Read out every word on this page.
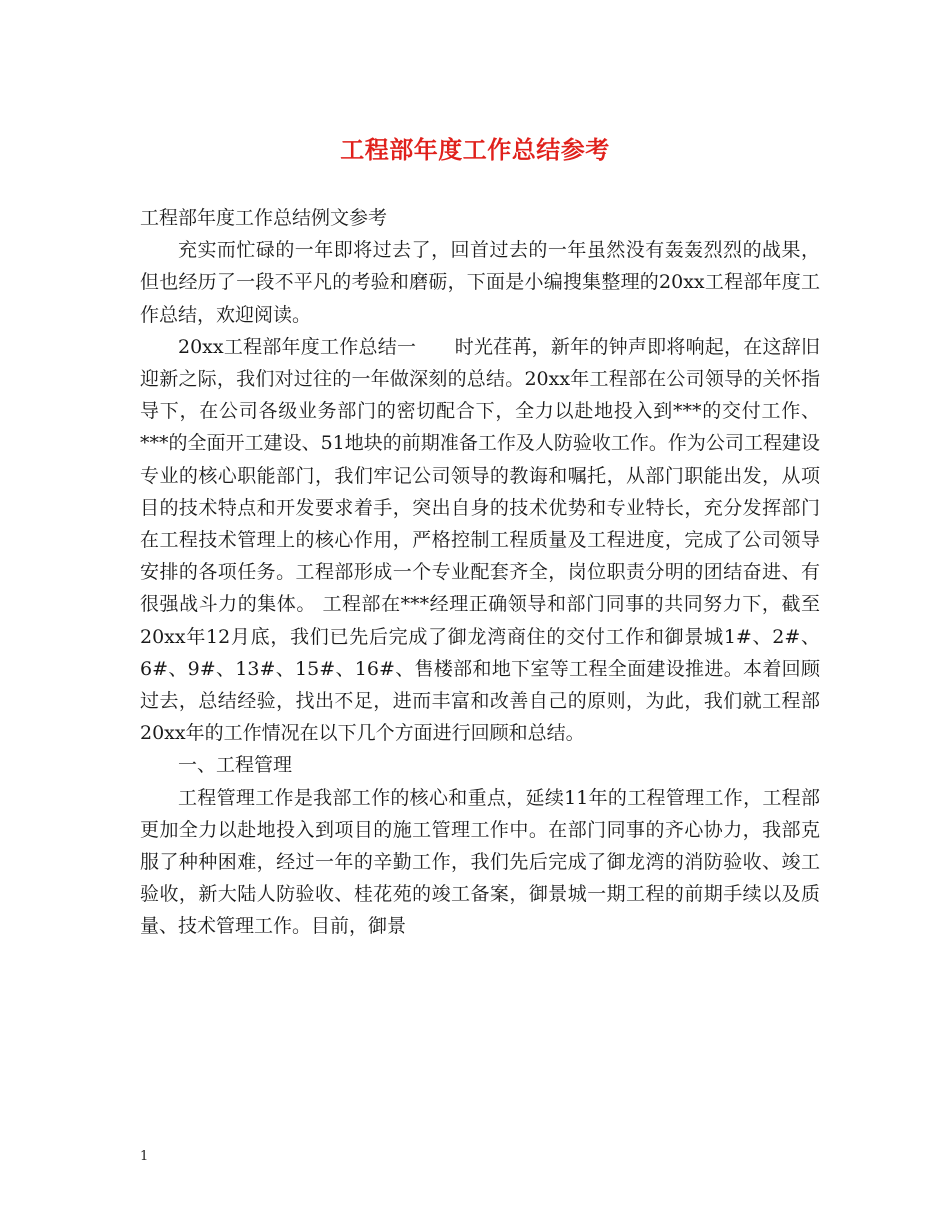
工程部年度工作总结参考

工程部年度工作总结例文参考

充实而忙碌的一年即将过去了，回首过去的一年虽然没有轰轰烈烈的战果，但也经历了一段不平凡的考验和磨砺，下面是小编搜集整理的20xx工程部年度工作总结，欢迎阅读。

20xx工程部年度工作总结一　　时光荏苒，新年的钟声即将响起，在这辞旧迎新之际，我们对过往的一年做深刻的总结。20xx年工程部在公司领导的关怀指导下，在公司各级业务部门的密切配合下，全力以赴地投入到***的交付工作、***的全面开工建设、51地块的前期准备工作及人防验收工作。作为公司工程建设专业的核心职能部门，我们牢记公司领导的教诲和嘱托，从部门职能出发，从项目的技术特点和开发要求着手，突出自身的技术优势和专业特长，充分发挥部门在工程技术管理上的核心作用，严格控制工程质量及工程进度，完成了公司领导安排的各项任务。工程部形成一个专业配套齐全，岗位职责分明的团结奋进、有很强战斗力的集体。 工程部在***经理正确领导和部门同事的共同努力下，截至20xx年12月底，我们已先后完成了御龙湾商住的交付工作和御景城1#、2#、6#、9#、13#、15#、16#、售楼部和地下室等工程全面建设推进。本着回顾过去，总结经验，找出不足，进而丰富和改善自己的原则，为此，我们就工程部20xx年的工作情况在以下几个方面进行回顾和总结。

一、工程管理

工程管理工作是我部工作的核心和重点，延续11年的工程管理工作，工程部更加全力以赴地投入到项目的施工管理工作中。在部门同事的齐心协力，我部克服了种种困难，经过一年的辛勤工作，我们先后完成了御龙湾的消防验收、竣工验收，新大陆人防验收、桂花苑的竣工备案，御景城一期工程的前期手续以及质量、技术管理工作。目前，御景

1
